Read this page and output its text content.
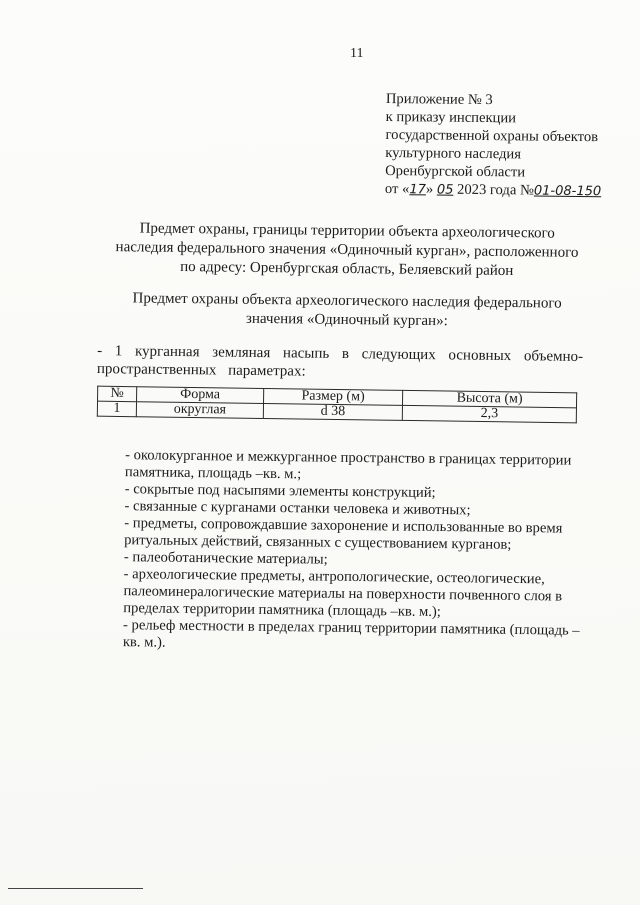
11
Приложение № 3
к приказу инспекции
государственной охраны объектов
культурного наследия
Оренбургской области
от «17» 05 2023 года №01-08-150
Предмет охраны, границы территории объекта археологического наследия федерального значения «Одиночный курган», расположенного по адресу: Оренбургская область, Беляевский район
Предмет охраны объекта археологического наследия федерального значения «Одиночный курган»:
- 1 курганная земляная насыпь в следующих основных объемно-пространственных параметрах:
№	Форма	Размер (м)	Высота (м)
1	округлая	d 38	2,3
- околокурганное и межкурганное пространство в границах территории памятника, площадь –кв. м.;
- сокрытые под насыпями элементы конструкций;
- связанные с курганами останки человека и животных;
- предметы, сопровождавшие захоронение и использованные во время ритуальных действий, связанных с существованием курганов;
- палеоботанические материалы;
- археологические предметы, антропологические, остеологические, палеоминералогические материалы на поверхности почвенного слоя в пределах территории памятника (площадь –кв. м.);
- рельеф местности в пределах границ территории памятника (площадь – кв. м.).
